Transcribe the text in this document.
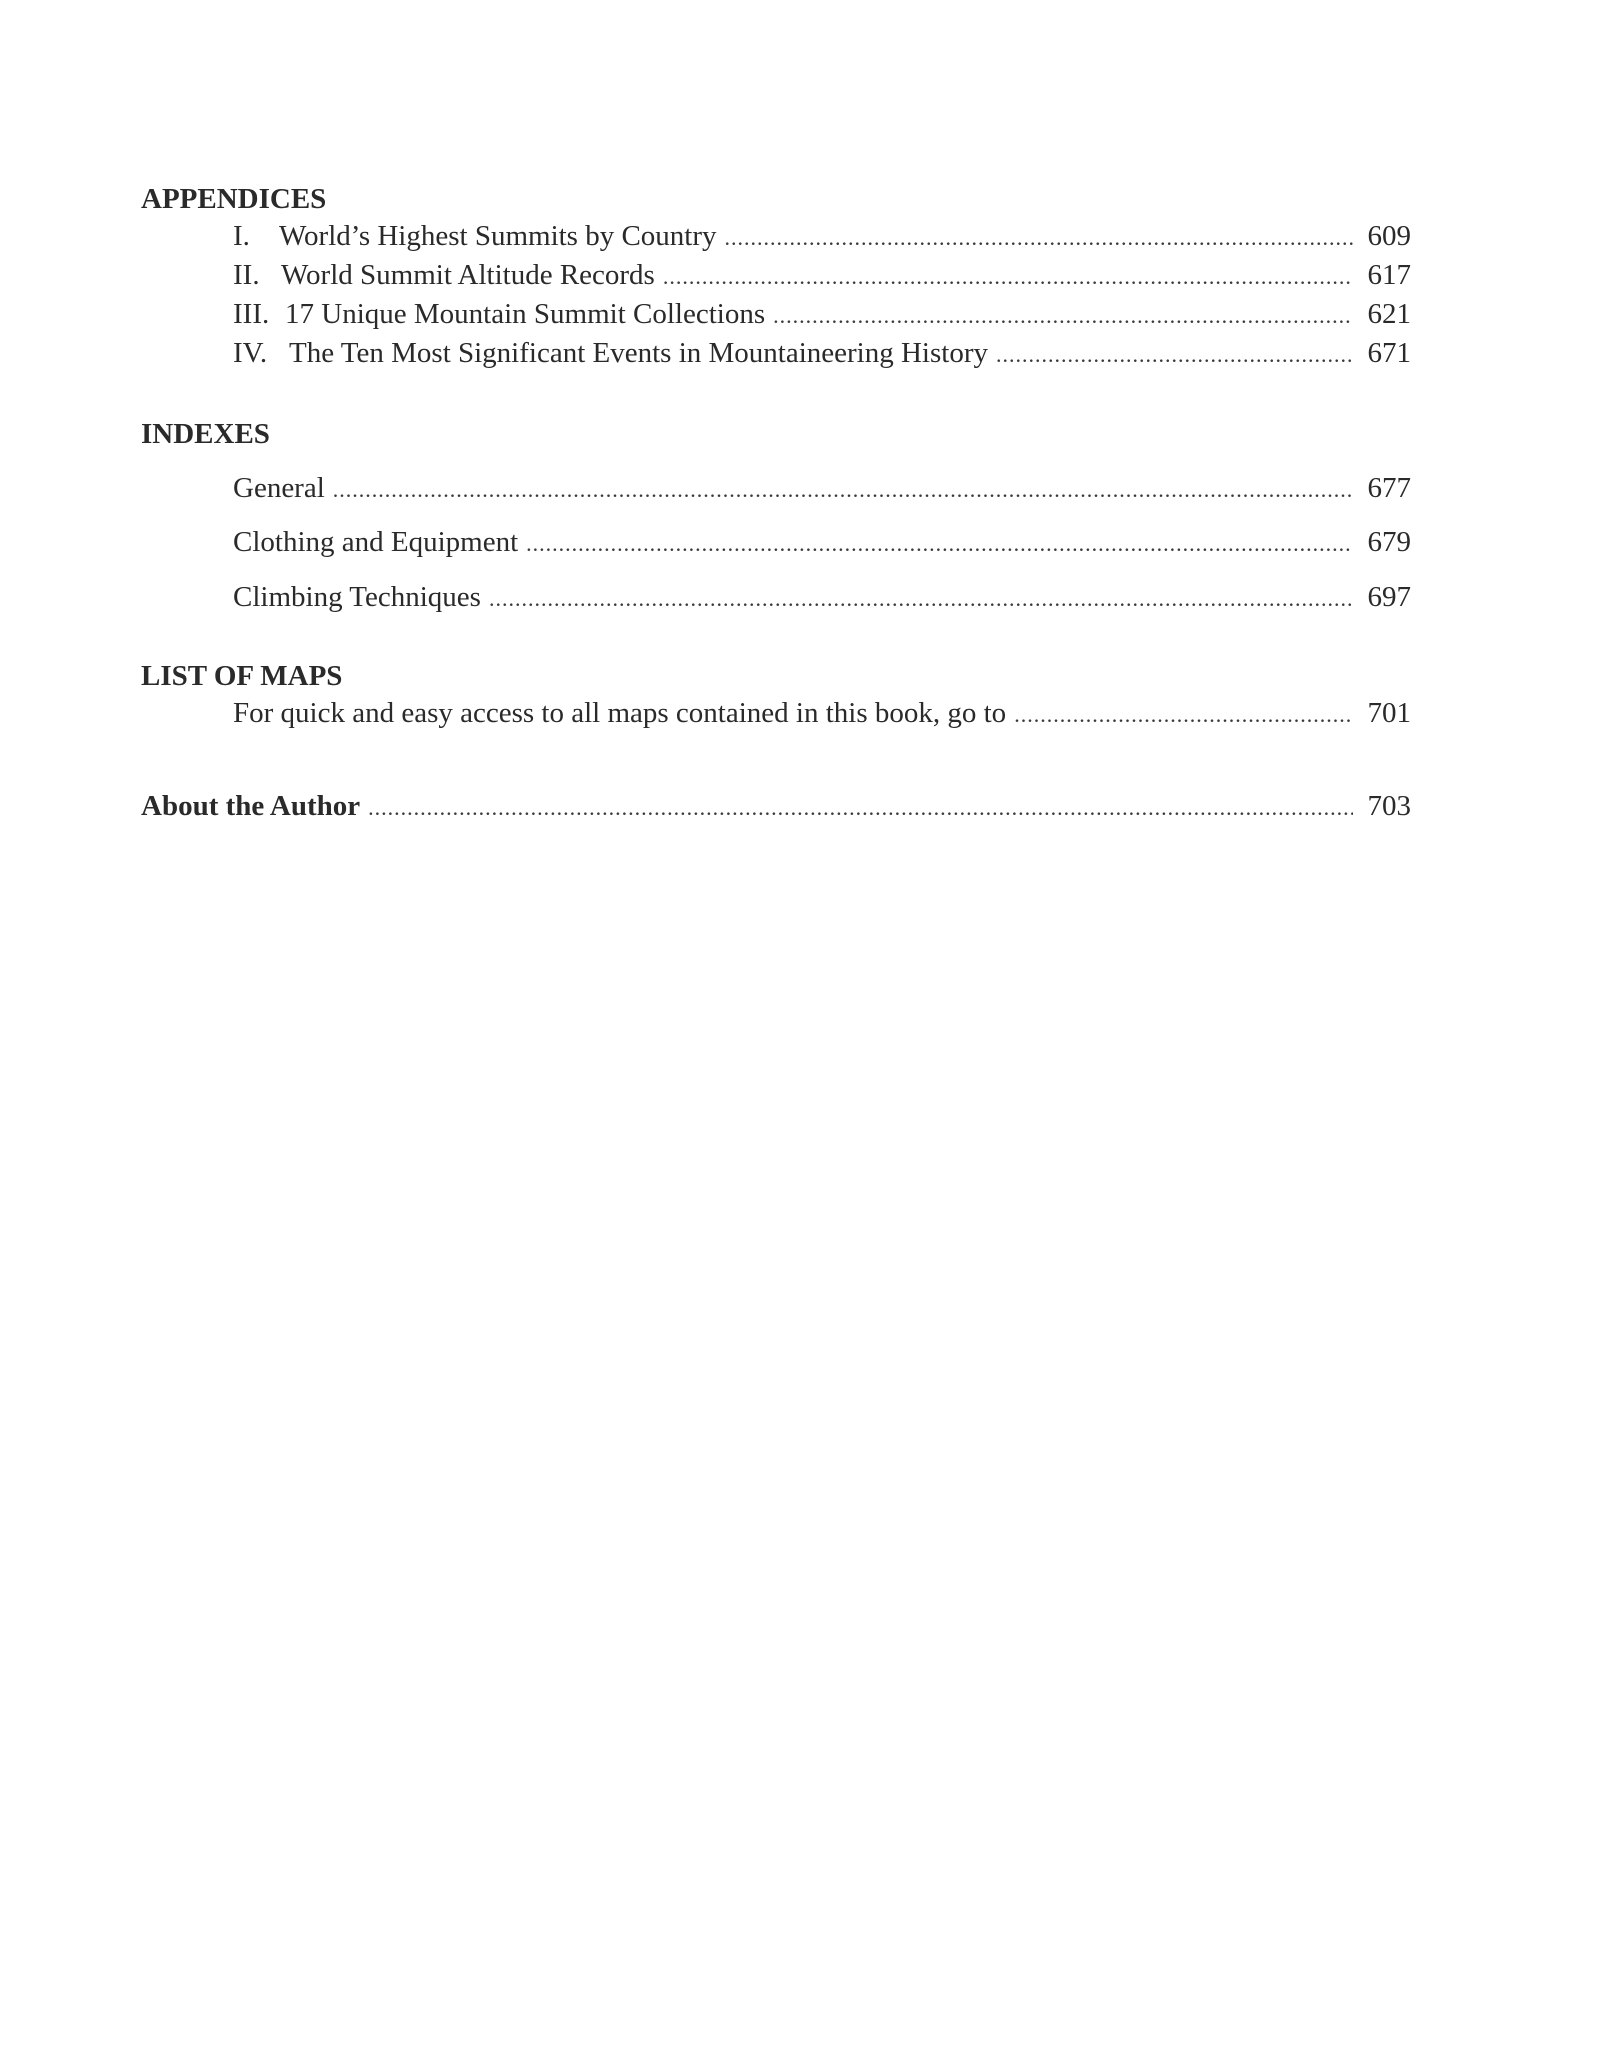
APPENDICES
I.	World’s Highest Summits by Country .....	609
II. World Summit Altitude Records .....	617
III. 17 Unique Mountain Summit Collections .....	621
IV. The Ten Most Significant Events in Mountaineering History .....	671
INDEXES
General .....	677
Clothing and Equipment .....	679
Climbing Techniques .....	697
LIST OF MAPS
For quick and easy access to all maps contained in this book, go to .....	701
About the Author .....	703
